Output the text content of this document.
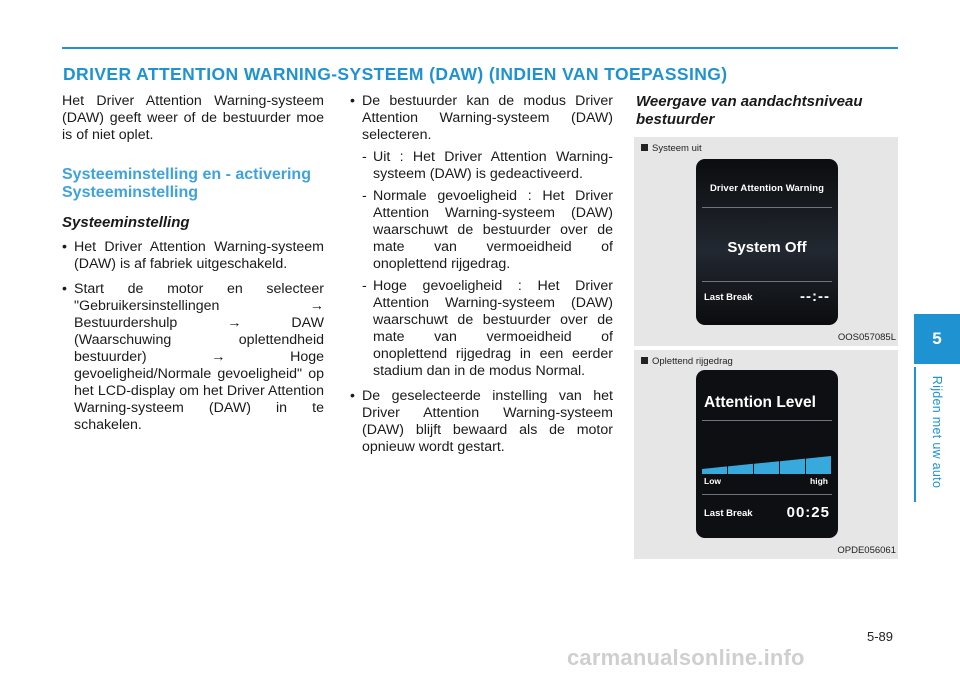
DRIVER ATTENTION WARNING-SYSTEEM (DAW) (INDIEN VAN TOEPASSING)
Het Driver Attention Warning-systeem (DAW) geeft weer of de bestuurder moe is of niet oplet.
Systeeminstelling en - activering Systeeminstelling
Systeeminstelling
• Het Driver Attention Warning-systeem (DAW) is af fabriek uitgeschakeld.
• Start de motor en selecteer "Gebruikersinstellingen → Bestuurdershulp → DAW (Waarschuwing oplettendheid bestuurder) → Hoge gevoeligheid/Normale gevoeligheid" op het LCD-display om het Driver Attention Warning-systeem (DAW) in te schakelen.
• De bestuurder kan de modus Driver Attention Warning-systeem (DAW) selecteren.
- Uit : Het Driver Attention Warning-systeem (DAW) is gedeactiveerd.
- Normale gevoeligheid : Het Driver Attention Warning-systeem (DAW) waarschuwt de bestuurder over de mate van vermoeidheid of onoplettend rijgedrag.
- Hoge gevoeligheid : Het Driver Attention Warning-systeem (DAW) waarschuwt de bestuurder over de mate van vermoeidheid of onoplettend rijgedrag in een eerder stadium dan in de modus Normal.
• De geselecteerde instelling van het Driver Attention Warning-systeem (DAW) blijft bewaard als de motor opnieuw wordt gestart.
Weergave van aandachtsniveau bestuurder
Systeem uit
Driver Attention Warning
System Off
Last Break	--:--
OOS057085L
Oplettend rijgedrag
Attention Level
Low	high
Last Break 00:25
OPDE056061
5-89
5
Rijden met uw auto
carmanualsonline.info
